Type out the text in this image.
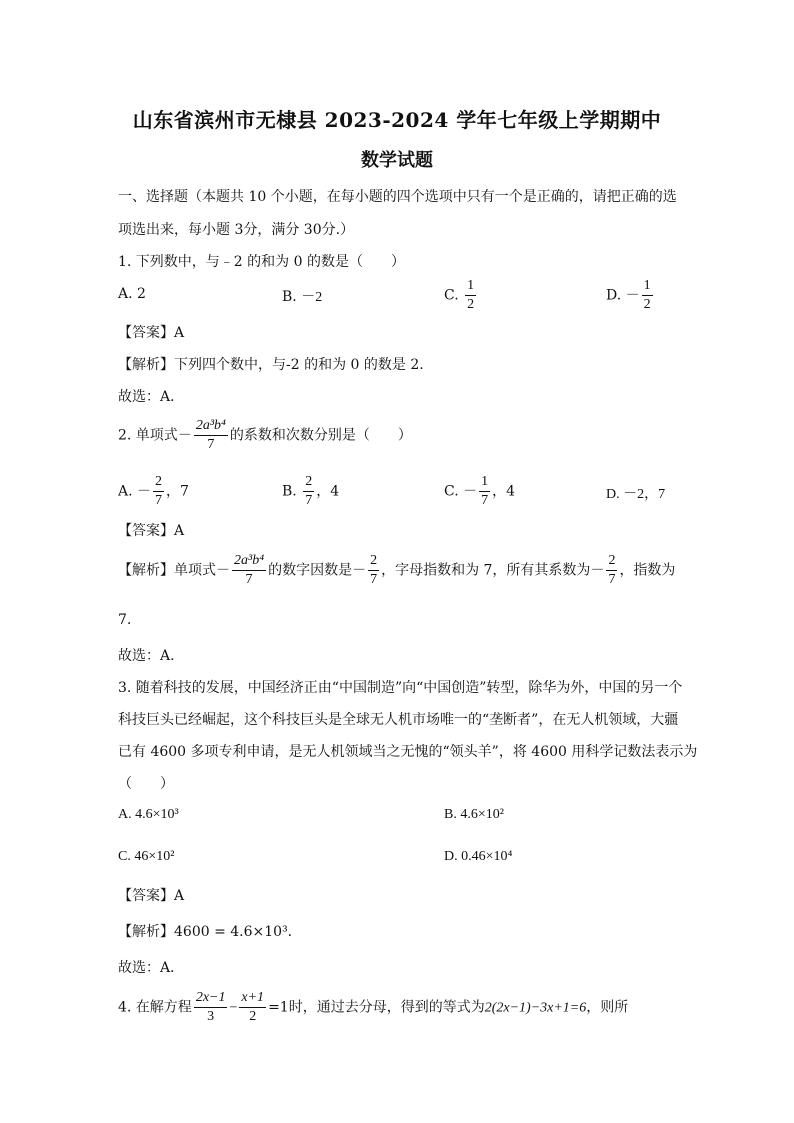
山东省滨州市无棣县 2023-2024 学年七年级上学期期中
数学试题
一、选择题（本题共 10 个小题，在每小题的四个选项中只有一个是正确的，请把正确的选
项选出来，每小题 3分，满分 30分.）
1. 下列数中，与﹣2 的和为 0 的数是（　　）
A. 2	B. －2	C. $\frac{1}{2}$	D. － $\frac{1}{2}$
【答案】A
【解析】下列四个数中，与-2 的和为 0 的数是 2.
故选：A．
2. 单项式－ $\frac{\text{2a³b⁴}}{7}$ 的系数和次数分别是（　　）
A. － $\frac{2}{7}$ ，7	B. $\frac{2}{7}$ ，4	C. － $\frac{1}{7}$ ，4	D. －2，7
【答案】A
【解析】单项式－ $\frac{\text{2a³b⁴}}{7}$ 的数字因数是－ $\frac{2}{7}$ ，字母指数和为 7，所有其系数为－ $\frac{2}{7}$ ，指数为
7.
故选：A.
3. 随着科技的发展，中国经济正由“中国制造”向“中国创造”转型，除华为外，中国的另一个
科技巨头已经崛起，这个科技巨头是全球无人机市场唯一的“垄断者”，在无人机领域，大疆
已有 4600 多项专利申请，是无人机领域当之无愧的“领头羊”，将 4600 用科学记数法表示为
（　　）
A. 4.6×10³	B. 4.6×10²
C. 46×10²	D. 0.46×10⁴
【答案】A
【解析】4600 = 4.6×10³.
故选：A．
4. 在解方程 $\frac{2x-1}{3} - \frac{x+1}{2} =1$时，通过去分母，得到的等式为2(2x−1)−3x+1=6，则所
